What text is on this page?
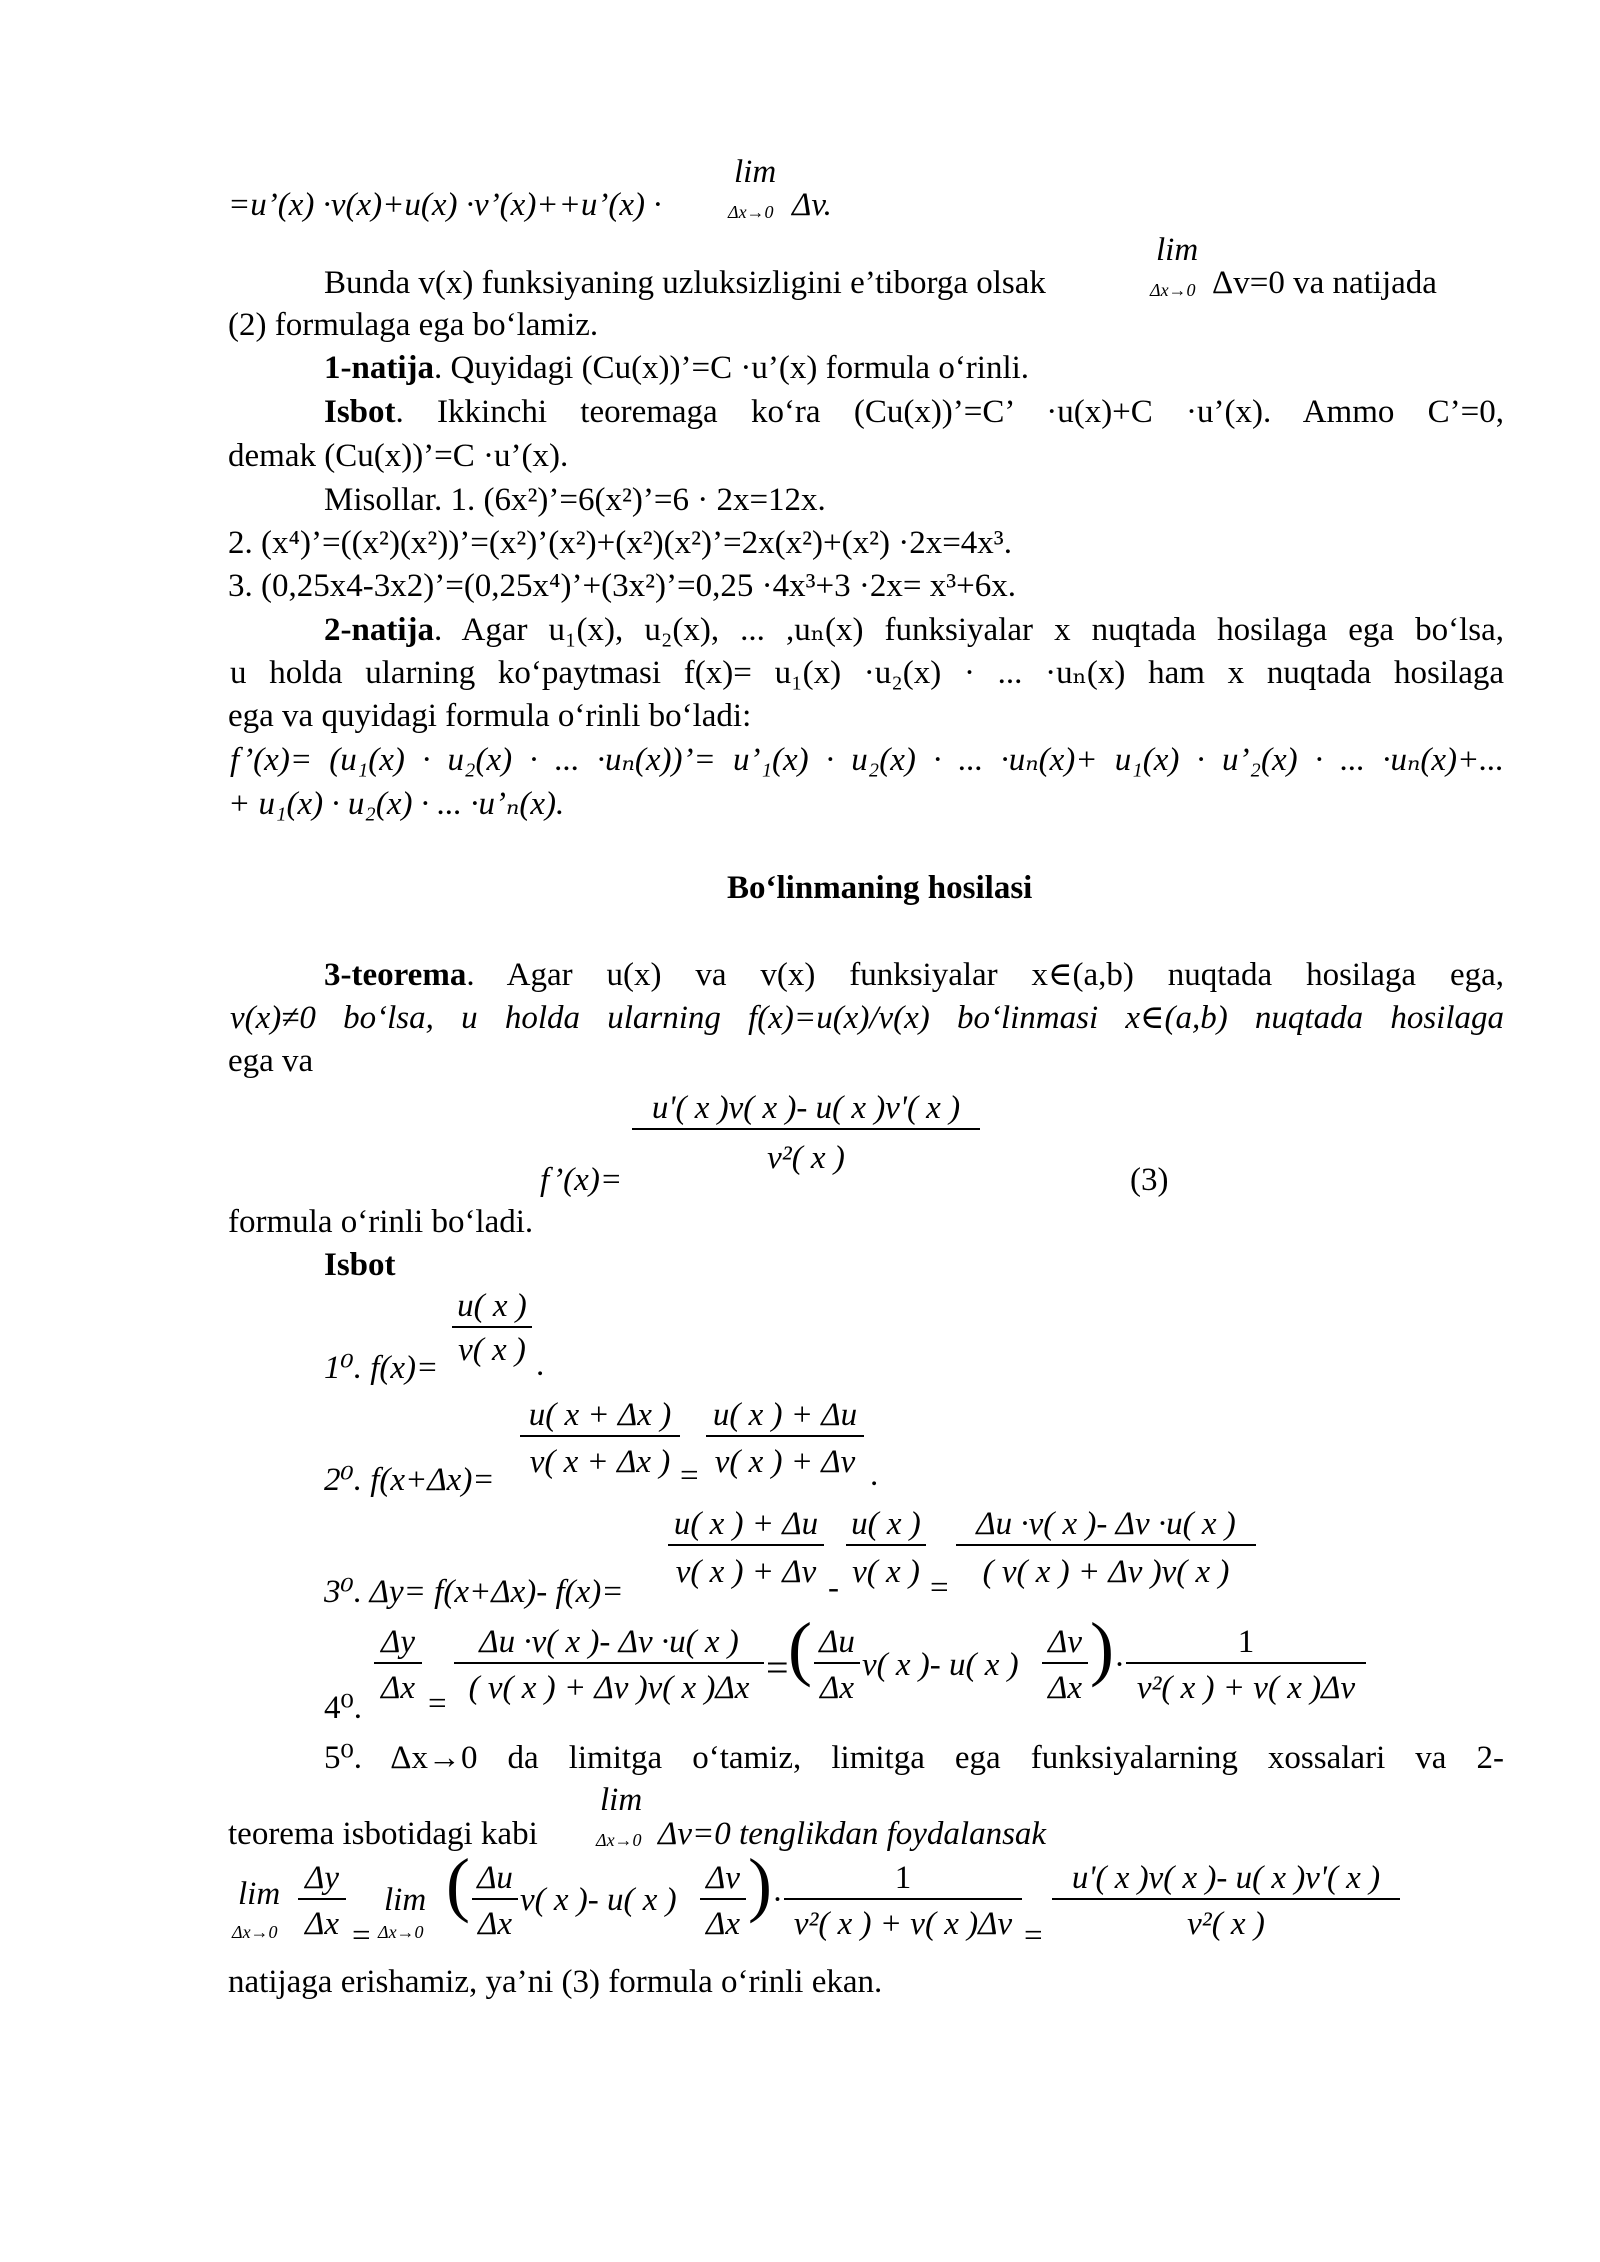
lim
=u’(x) ·v(x)+u(x) ·v’(x)++u’(x) ·	Δx→0 Δv.
lim
Bunda v(x) funksiyaning uzluksizligini e’tiborga olsak	Δx→0 Δv=0 va natijada
(2) formulaga ega bo‘lamiz.
1-natija. Quyidagi (Cu(x))’=C ·u’(x) formula o‘rinli.
Isbot. Ikkinchi teoremaga ko‘ra (Cu(x))’=C’ ·u(x)+C ·u’(x). Ammo C’=0,
demak (Cu(x))’=C ·u’(x).
Misollar. 1. (6x²)’=6(x²)’=6 · 2x=12x.
2. (x⁴)’=((x²)(x²))’=(x²)’(x²)+(x²)(x²)’=2x(x²)+(x²) ·2x=4x³.
3. (0,25x4-3x2)’=(0,25x⁴)’+(3x²)’=0,25 ·4x³+3 ·2x= x³+6x.
2-natija. Agar u₁(x), u₂(x), ... ,uₙ(x) funksiyalar x nuqtada hosilaga ega bo‘lsa,
u holda ularning ko‘paytmasi f(x)= u₁(x) ·u₂(x) · ... ·uₙ(x) ham x nuqtada hosilaga
ega va quyidagi formula o‘rinli bo‘ladi:
f’(x)= (u₁(x) · u₂(x) · ... ·uₙ(x))’= u’₁(x) · u₂(x) · ... ·uₙ(x)+ u₁(x) · u’₂(x) · ... ·uₙ(x)+...
+ u₁(x) · u₂(x) · ... ·u’ₙ(x).
Bo‘linmaning hosilasi
3-teorema. Agar u(x) va v(x) funksiyalar x∈(a,b) nuqtada hosilaga ega,
v(x)≠0 bo‘lsa, u holda ularning f(x)=u(x)/v(x) bo‘linmasi x∈(a,b) nuqtada hosilaga
ega va
u'( x )v( x )- u( x )v'( x )
v²( x )
f’(x)=	(3)
formula o‘rinli bo‘ladi.
Isbot
u( x )
v( x )
1⁰. f(x)=	.
u( x + Δx )
v( x + Δx ) =
u( x ) + Δu
v( x ) + Δv
2⁰. f(x+Δx)=	.
u( x ) + Δu
v( x ) + Δv -
u( x )
v( x ) =
Δu ·v( x )- Δv ·u( x )
( v( x ) + Δv )v( x )
3⁰. Δy= f(x+Δx)- f(x)=
Δy
Δx =
Δu ·v( x )- Δv ·u( x )
( v( x ) + Δv )v( x )Δx = ( Δu
Δx
v( x )- u( x )
Δv
Δx ) ·
1
v²( x ) + v( x )Δv
4⁰.
5⁰. Δx→0 da limitga o‘tamiz, limitga ega funksiyalarning xossalari va 2-
lim
teorema isbotidagi kabi	Δx→0 Δv=0 tenglikdan foydalansak
lim
Δx→0
Δy
Δx =
lim
Δx→0
( Δu
Δx
v( x )- u( x )
Δv
Δx ) ·
1
v²( x ) + v( x )Δv =
u'( x )v( x )- u( x )v'( x )
v²( x )
natijaga erishamiz, ya’ni (3) formula o‘rinli ekan.
